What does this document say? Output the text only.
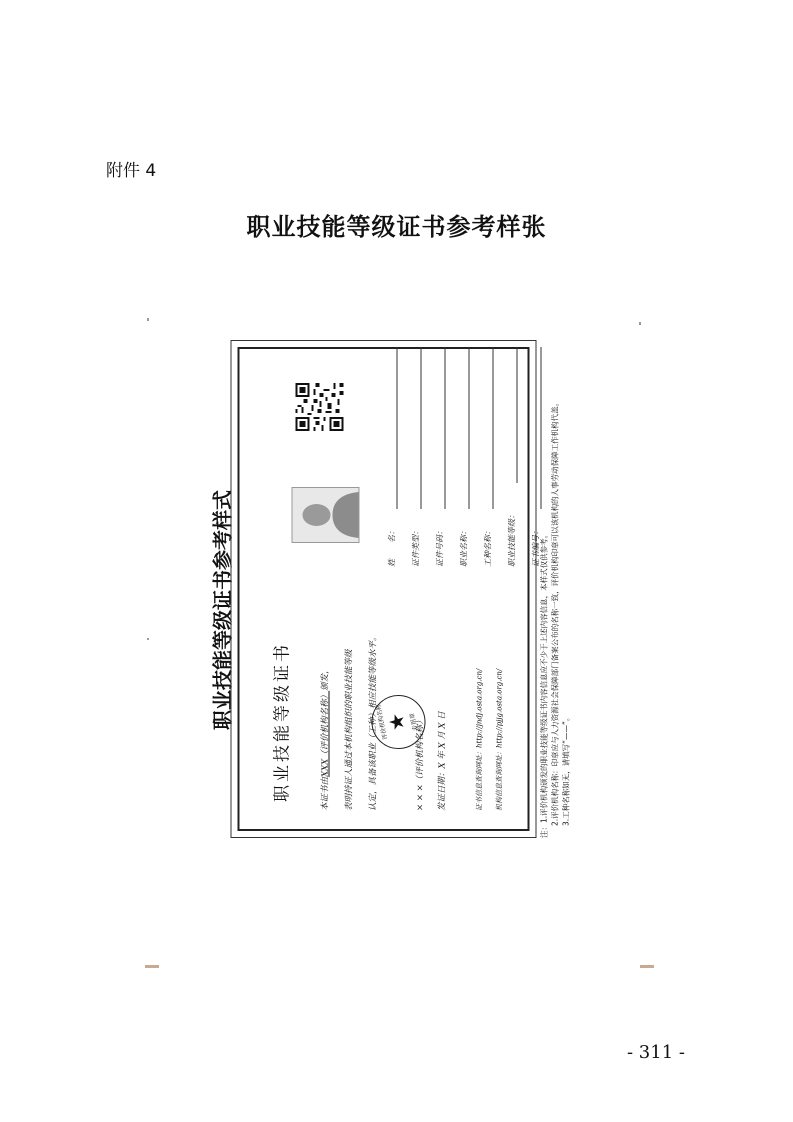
附件 4
职业技能等级证书参考样张
职业技能等级证书参考样式 职业技能等级证书	本证书由XXX（评价机构名称）颁发，	表明持证人通过本机构组织的职业技能等级	认定，具备该职业（工种）相应技能等级水平。	× × ×（评价机构名称） 发证日期：X 年 X 月 X 日
评价机构名称
★ 专用章	证书信息查询网址：http://jndj.osta.org.cn/	机构信息查询网址：http://pjjg.osta.org.cn/
姓　　名： 证件类型： 证件号码： 职业名称： 工种名称： 职业技能等级： 证书编号： 注：1.评价机构颁发的职业技能等级证书内容信息应不少于上述内容信息，本样式仅供参考。 2.评价机构名称：印章应与人力资源社会保障部门备案公布的名称一致，评价机构印章可以该机构的人事劳动保障工作机构代盖。 3.工种名称如无，请填写“——”。

- 311 -
